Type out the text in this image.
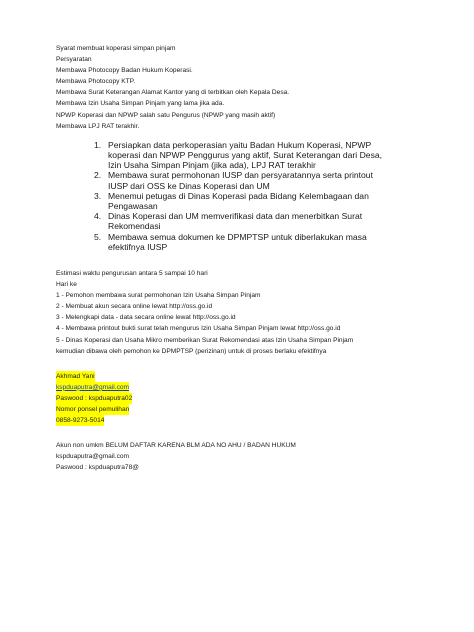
Syarat membuat koperasi simpan pinjam
Persyaratan
Membawa Photocopy Badan Hukum Koperasi.
Membawa Photocopy KTP.
Membawa Surat Keterangan Alamat Kantor yang di terbitkan oleh Kepala Desa.
Membawa Izin Usaha Simpan Pinjam yang lama jika ada.
NPWP Koperasi dan NPWP salah satu Pengurus (NPWP yang masih aktif)
Membawa LPJ RAT terakhir.
1. Persiapkan data perkoperasian yaitu Badan Hukum Koperasi, NPWP
koperasi dan NPWP Penggurus yang aktif, Surat Keterangan dari Desa,
Izin Usaha Simpan Pinjam (jika ada), LPJ RAT terakhir
2. Membawa surat permohonan IUSP dan persyaratannya serta printout
IUSP dari OSS ke Dinas Koperasi dan UM
3. Menemui petugas di Dinas Koperasi pada Bidang Kelembagaan dan
Pengawasan
4. Dinas Koperasi dan UM memverifikasi data dan menerbitkan Surat
Rekomendasi
5. Membawa semua dokumen ke DPMPTSP untuk diberlakukan masa
efektifnya IUSP
Estimasi waktu pengurusan antara 5 sampai 10 hari
Hari ke
1 - Pemohon membawa surat permohonan Izin Usaha Simpan Pinjam
2 - Membuat akun secara online lewat http://oss.go.id
3 - Melengkapi data - data secara online lewat http://oss.go.id
4 - Membawa printout bukti surat telah mengurus Izin Usaha Simpan Pinjam lewat http://oss.go.id
5 - Dinas Koperasi dan Usaha Mikro memberikan Surat Rekomendasi atas Izin Usaha Simpan Pinjam
kemudian dibawa oleh pemohon ke DPMPTSP (perizinan) untuk di proses berlaku efektifnya
Akhmad Yani
kspduaputra@gmail.com
Paswood : kspduaputra02
Nomor ponsel pemulihan
0858-9273-5014
Akun non umkm BELUM DAFTAR KARENA BLM ADA NO AHU / BADAN HUKUM
kspduaputra@gmail.com
Paswood : kspduaputra78@
